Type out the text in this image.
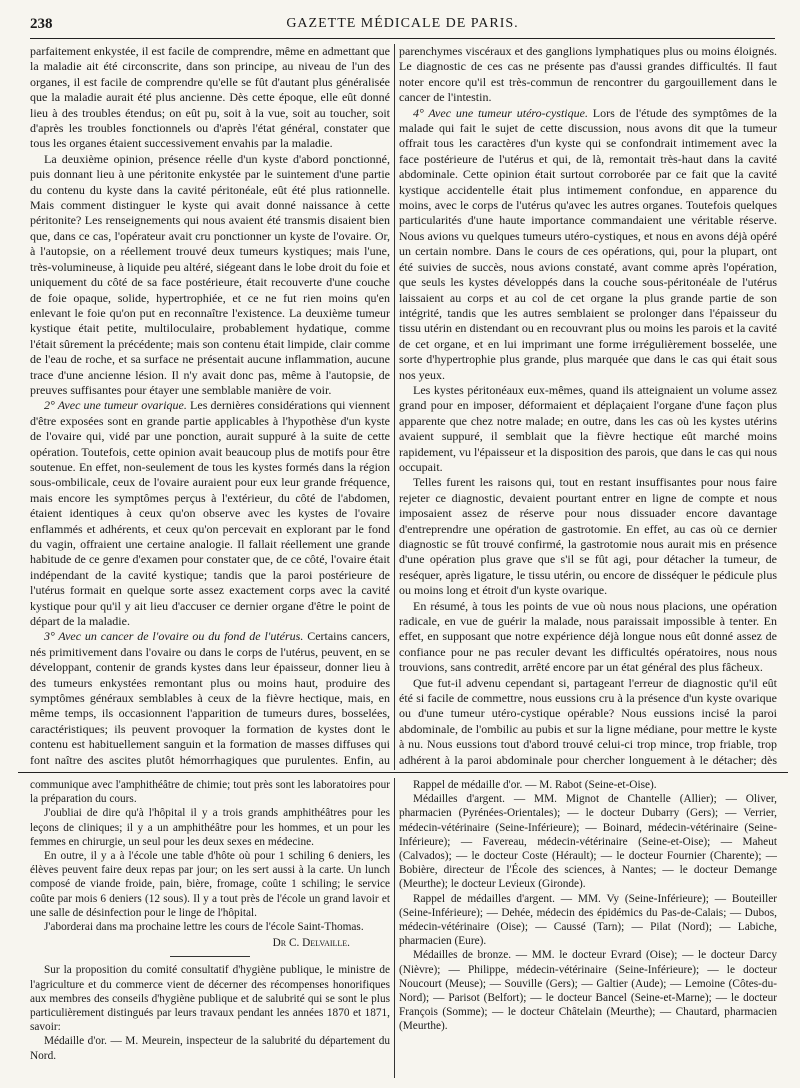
238	GAZETTE MÉDICALE DE PARIS.

parfaitement enkystée, il est facile de comprendre, même en admettant que la maladie ait été circonscrite, dans son principe, au niveau de l'un des organes, il est facile de comprendre qu'elle se fût d'autant plus généralisée que la maladie aurait été plus ancienne. Dès cette époque, elle eût donné lieu à des troubles étendus; on eût pu, soit à la vue, soit au toucher, soit d'après les troubles fonctionnels ou d'après l'état général, constater que tous les organes étaient successivement envahis par la maladie.

La deuxième opinion, présence réelle d'un kyste d'abord ponctionné, puis donnant lieu à une péritonite enkystée par le suintement d'une partie du contenu du kyste dans la cavité péritonéale, eût été plus rationnelle. Mais comment distinguer le kyste qui avait donné naissance à cette péritonite? Les renseignements qui nous avaient été transmis disaient bien que, dans ce cas, l'opérateur avait cru ponctionner un kyste de l'ovaire. Or, à l'autopsie, on a réellement trouvé deux tumeurs kystiques; mais l'une, très-volumineuse, à liquide peu altéré, siégeant dans le lobe droit du foie et uniquement du côté de sa face postérieure, était recouverte d'une couche de foie opaque, solide, hypertrophiée, et ce ne fut rien moins qu'en enlevant le foie qu'on put en reconnaître l'existence. La deuxième tumeur kystique était petite, multiloculaire, probablement hydatique, comme l'était sûrement la précédente; mais son contenu était limpide, clair comme de l'eau de roche, et sa surface ne présentait aucune inflammation, aucune trace d'une ancienne lésion. Il n'y avait donc pas, même à l'autopsie, de preuves suffisantes pour étayer une semblable manière de voir.

2° Avec une tumeur ovarique. Les dernières considérations qui viennent d'être exposées sont en grande partie applicables à l'hypothèse d'un kyste de l'ovaire qui, vidé par une ponction, aurait suppuré à la suite de cette opération. Toutefois, cette opinion avait beaucoup plus de motifs pour être soutenue. En effet, non-seulement de tous les kystes formés dans la région sous-ombilicale, ceux de l'ovaire auraient pour eux leur grande fréquence, mais encore les symptômes perçus à l'extérieur, du côté de l'abdomen, étaient identiques à ceux qu'on observe avec les kystes de l'ovaire enflammés et adhérents, et ceux qu'on percevait en explorant par le fond du vagin, offraient une certaine analogie. Il fallait réellement une grande habitude de ce genre d'examen pour constater que, de ce côté, l'ovaire était indépendant de la cavité kystique; tandis que la paroi postérieure de l'utérus formait en quelque sorte assez exactement corps avec la cavité kystique pour qu'il y ait lieu d'accuser ce dernier organe d'être le point de départ de la maladie.

3° Avec un cancer de l'ovaire ou du fond de l'utérus. Certains cancers, nés primitivement dans l'ovaire ou dans le corps de l'utérus, peuvent, en se développant, contenir de grands kystes dans leur épaisseur, donner lieu à des tumeurs enkystées remontant plus ou moins haut, produire des symptômes généraux semblables à ceux de la fièvre hectique, mais, en même temps, ils occasionnent l'apparition de tumeurs dures, bosselées, caractéristiques; ils peuvent provoquer la formation de kystes dont le contenu est habituellement sanguin et la formation de masses diffuses qui font naître des ascites plutôt hémorrhagiques que purulentes. Enfin, au

parenchymes viscéraux et des ganglions lymphatiques plus ou moins éloignés. Le diagnostic de ces cas ne présente pas d'aussi grandes difficultés. Il faut noter encore qu'il est très-commun de rencontrer du gargouillement dans le cancer de l'intestin.

4° Avec une tumeur utéro-cystique. Lors de l'étude des symptômes de la malade qui fait le sujet de cette discussion, nous avons dit que la tumeur offrait tous les caractères d'un kyste qui se confondrait intimement avec la face postérieure de l'utérus et qui, de là, remontait très-haut dans la cavité abdominale. Cette opinion était surtout corroborée par ce fait que la cavité kystique accidentelle était plus intimement confondue, en apparence du moins, avec le corps de l'utérus qu'avec les autres organes. Toutefois quelques particularités d'une haute importance commandaient une véritable réserve. Nous avions vu quelques tumeurs utéro-cystiques, et nous en avons déjà opéré un certain nombre. Dans le cours de ces opérations, qui, pour la plupart, ont été suivies de succès, nous avions constaté, avant comme après l'opération, que seuls les kystes développés dans la couche sous-péritonéale de l'utérus laissaient au corps et au col de cet organe la plus grande partie de son intégrité, tandis que les autres semblaient se prolonger dans l'épaisseur du tissu utérin en distendant ou en recouvrant plus ou moins les parois et la cavité de cet organe, et en lui imprimant une forme irrégulièrement bosselée, une sorte d'hypertrophie plus grande, plus marquée que dans le cas qui était sous nos yeux.

Les kystes péritonéaux eux-mêmes, quand ils atteignaient un volume assez grand pour en imposer, déformaient et déplaçaient l'organe d'une façon plus apparente que chez notre malade; en outre, dans les cas où les kystes utérins avaient suppuré, il semblait que la fièvre hectique eût marché moins rapidement, vu l'épaisseur et la disposition des parois, que dans le cas qui nous occupait.

Telles furent les raisons qui, tout en restant insuffisantes pour nous faire rejeter ce diagnostic, devaient pourtant entrer en ligne de compte et nous imposaient assez de réserve pour nous dissuader encore davantage d'entreprendre une opération de gastrotomie. En effet, au cas où ce dernier diagnostic se fût trouvé confirmé, la gastrotomie nous aurait mis en présence d'une opération plus grave que s'il se fût agi, pour détacher la tumeur, de reséquer, après ligature, le tissu utérin, ou encore de disséquer le pédicule plus ou moins long et étroit d'un kyste ovarique.

En résumé, à tous les points de vue où nous nous placions, une opération radicale, en vue de guérir la malade, nous paraissait impossible à tenter. En effet, en supposant que notre expérience déjà longue nous eût donné assez de confiance pour ne pas reculer devant les difficultés opératoires, nous nous trouvions, sans contredit, arrêté encore par un état général des plus fâcheux.

Que fut-il advenu cependant si, partageant l'erreur de diagnostic qu'il eût été si facile de commettre, nous eussions cru à la présence d'un kyste ovarique ou d'une tumeur utéro-cystique opérable? Nous eussions incisé la paroi abdominale, de l'ombilic au pubis et sur la ligne médiane, pour mettre le kyste à nu. Nous eussions tout d'abord trouvé celui-ci trop mince, trop friable, trop adhérent à la paroi abdominale pour chercher longuement à le détacher; dès

communique avec l'amphithéâtre de chimie; tout près sont les laboratoires pour la préparation du cours.

J'oubliai de dire qu'à l'hôpital il y a trois grands amphithéâtres pour les leçons de cliniques; il y a un amphithéâtre pour les hommes, et un pour les femmes en chirurgie, un seul pour les deux sexes en médecine.

En outre, il y a à l'école une table d'hôte où pour 1 schiling 6 deniers, les élèves peuvent faire deux repas par jour; on les sert aussi à la carte. Un lunch composé de viande froide, pain, bière, fromage, coûte 1 schiling; le service coûte par mois 6 deniers (12 sous). Il y a tout près de l'école un grand lavoir et une salle de désinfection pour le linge de l'hôpital.

J'aborderai dans ma prochaine lettre les cours de l'école Saint-Thomas.

Dr C. Delvaille.

Sur la proposition du comité consultatif d'hygiène publique, le ministre de l'agriculture et du commerce vient de décerner des récompenses honorifiques aux membres des conseils d'hygiène publique et de salubrité qui se sont le plus particulièrement distingués par leurs travaux pendant les années 1870 et 1871, savoir:

Médaille d'or. — M. Meurein, inspecteur de la salubrité du département du Nord.

Rappel de médaille d'or. — M. Rabot (Seine-et-Oise).

Médailles d'argent. — MM. Mignot de Chantelle (Allier); — Oliver, pharmacien (Pyrénées-Orientales); — le docteur Dubarry (Gers); — Verrier, médecin-vétérinaire (Seine-Inférieure); — Boinard, médecin-vétérinaire (Seine-Inférieure); — Favereau, médecin-vétérinaire (Seine-et-Oise); — Maheut (Calvados); — le docteur Coste (Hérault); — le docteur Fournier (Charente); — Bobière, directeur de l'École des sciences, à Nantes; — le docteur Demange (Meurthe); le docteur Levieux (Gironde).

Rappel de médailles d'argent. — MM. Vy (Seine-Inférieure); — Bouteiller (Seine-Inférieure); — Dehée, médecin des épidémics du Pas-de-Calais; — Dubos, médecin-vétérinaire (Oise); — Caussé (Tarn); — Pilat (Nord); — Labiche, pharmacien (Eure).

Médailles de bronze. — MM. le docteur Evrard (Oise); — le docteur Darcy (Nièvre); — Philippe, médecin-vétérinaire (Seine-Inférieure); — le docteur Noucourt (Meuse); — Souville (Gers); — Galtier (Aude); — Lemoine (Côtes-du-Nord); — Parisot (Belfort); — le docteur Bancel (Seine-et-Marne); — le docteur François (Somme); — le docteur Châtelain (Meurthe); — Chautard, pharmacien (Meurthe).
